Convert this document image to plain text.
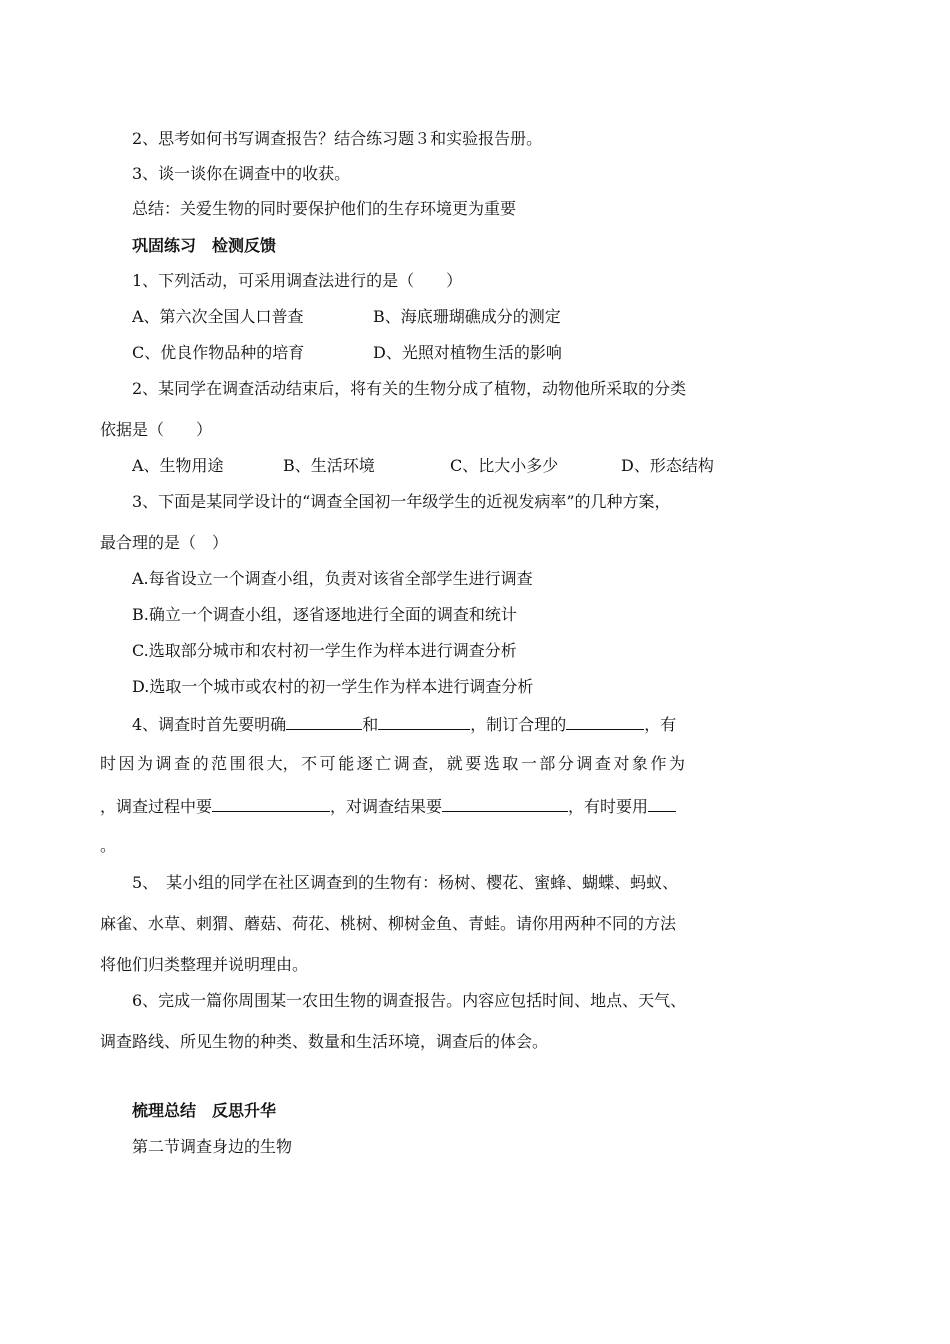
2、思考如何书写调查报告？结合练习题３和实验报告册。
3、谈一谈你在调查中的收获。
总结：关爱生物的同时要保护他们的生存环境更为重要
巩固练习　检测反馈
1、下列活动，可采用调查法进行的是（　　）
A、第六次全国人口普查	B、海底珊瑚礁成分的测定
C、优良作物品种的培育	D、光照对植物生活的影响
2、某同学在调查活动结束后，将有关的生物分成了植物，动物他所采取的分类
依据是（　　）
A、生物用途	B、生活环境	C、比大小多少	D、形态结构
3、下面是某同学设计的“调查全国初一年级学生的近视发病率”的几种方案，
最合理的是（　）
A.每省设立一个调查小组，负责对该省全部学生进行调查
B.确立一个调查小组，逐省逐地进行全面的调查和统计
C.选取部分城市和农村初一学生作为样本进行调查分析
D.选取一个城市或农村的初一学生作为样本进行调查分析
4、调查时首先要明确	和	，制订合理的	，有
时 因 为 调 查 的 范 围 很 大， 不 可 能 逐 亡 调 查， 就 要 选 取 一 部 分 调 查 对 象 作 为
，调查过程中要	，对调查结果要	，有时要用
。
5、　某小组的同学在社区调查到的生物有：杨树、樱花、蜜蜂、蝴蝶、蚂蚁、
麻雀、水草、刺猬、蘑菇、荷花、桃树、柳树金鱼、青蛙。请你用两种不同的方法
将他们归类整理并说明理由。
6、完成一篇你周围某一农田生物的调查报告。内容应包括时间、地点、天气、
调查路线、所见生物的种类、数量和生活环境，调查后的体会。
梳理总结　反思升华
第二节调查身边的生物
